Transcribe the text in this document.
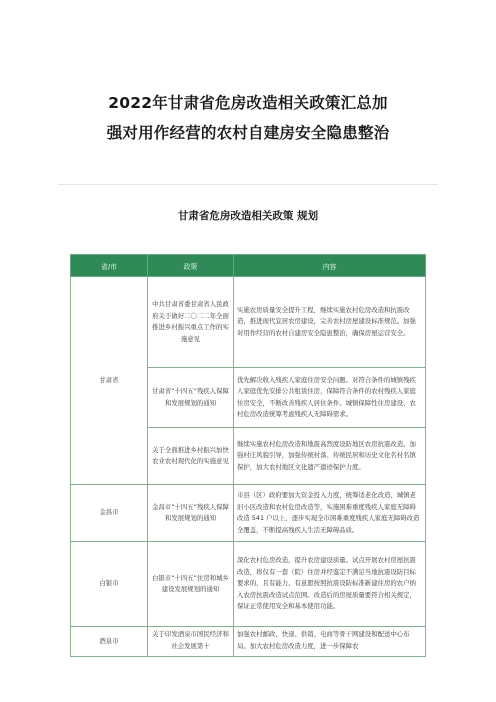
2022年甘肃省危房改造相关政策汇总加
强对用作经营的农村自建房安全隐患整治
甘肃省危房改造相关政策 规划
省/市	政策	内容
甘肃省	中共甘肃省委甘肃省人民政府关于做好二〇二二年全面推进乡村振兴重点工作的实施意见	实施农房质量安全提升工程，继续实施农村危房改造和抗震改造，推进现代宜居农房建设，完善农村房屋建设标准规范。加强对用作经营的农村自建房安全隐患整治，确保房屋运营安全。
	甘肃省“十四五”残疾人保障和发展规划的通知	优先解决收入残疾人家庭住房安全问题。对符合条件的城镇残疾人家庭优先安排公共租赁住房，保障符合条件的农村残疾人家庭住房安全，不断改善残疾人居住条件。城镇保障性住房建设、农村危房改造统筹考虑残疾人无障碍需求。
	关于全面推进乡村振兴加快农业农村现代化的实施意见	继续实施农村危房改造和地震高烈度设防地区农房抗震改造。加强村庄风貌引导，加强传统村落、传统民居和历史文化名村名镇保护，加大农村地区文化遗产遗迹保护力度。
金昌市	金昌市“十四五”残疾人保障和发展规划的通知	市县（区）政府要加大资金投入力度，统筹适老化改造、城镇老旧小区改造和农村危房改造等，实施困难重度残疾人家庭无障碍改造 541 户以上，逐步实现全市困难重度残疾人家庭无障碍改造全覆盖，不断提高残疾人生活无障碍品质。
白银市	白银市“十四五”住房和城乡建设发展规划的通知	深化农村危房改造，提升农房建设质量。试点开展农村房屋抗震改造，将仅有一套（院）住房并经鉴定不满足当地抗震设防目标要求的，且有能力、有意愿按照抗震设防标准新建住房的农户纳入农房抗震改造试点范围。改造后的房屋质量要符合相关规定，保证正常使用安全和基本使用功能。
酒泉市	关于印发酒泉市国民经济和社会发展第十	加强农村邮政、快递、供销、电商等骨干网建设和配送中心布局。加大农村危房改造力度，进一步保障农
